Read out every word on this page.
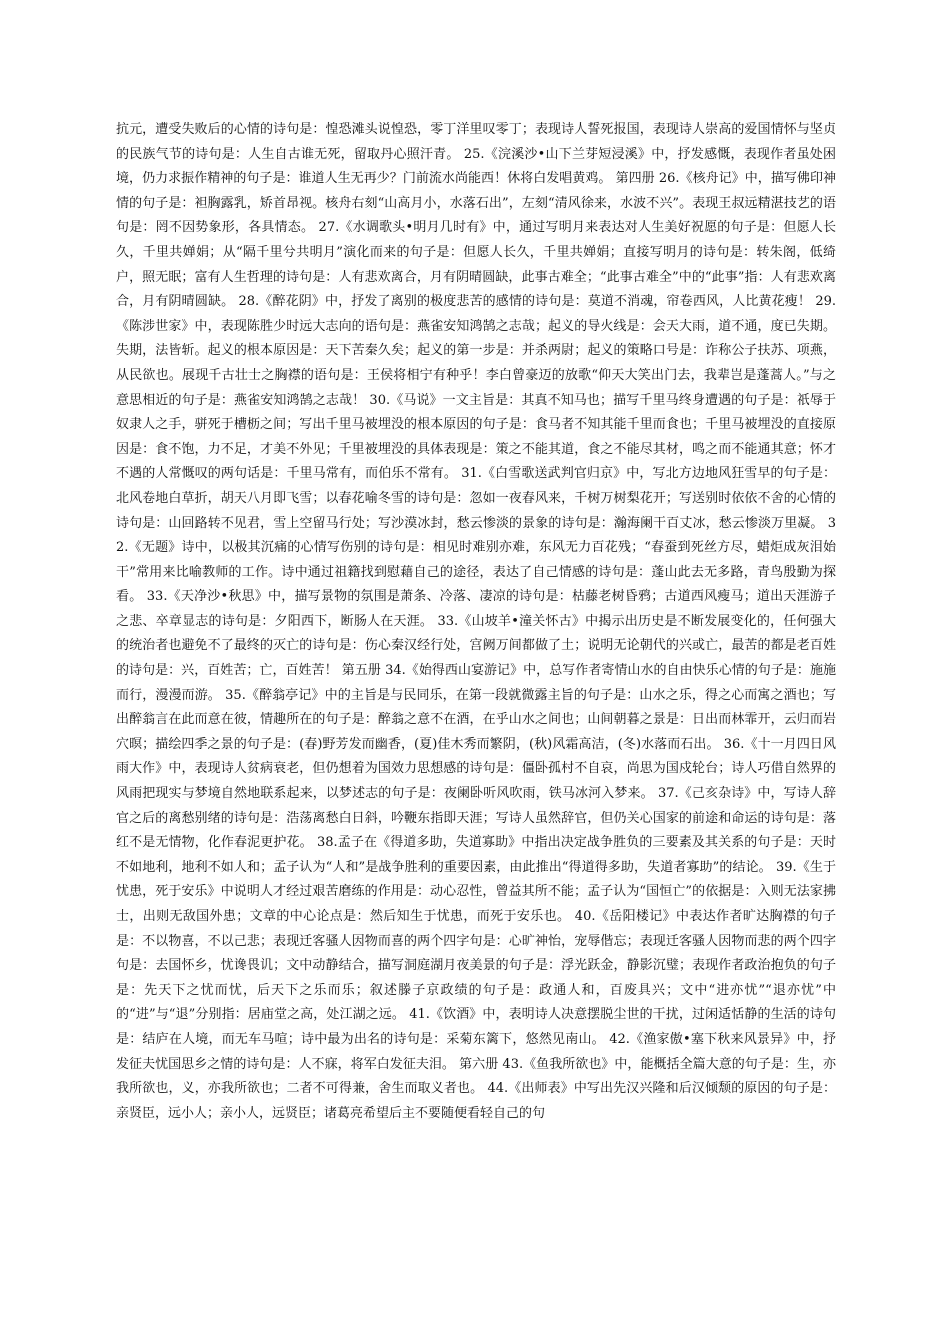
抗元，遭受失败后的心情的诗句是：惶恐滩头说惶恐，零丁洋里叹零丁；表现诗人誓死报国，表现诗人崇高的爱国情怀与坚贞的民族气节的诗句是：人生自古谁无死，留取丹心照汗青。 25.《浣溪沙•山下兰芽短浸溪》中，抒发感慨，表现作者虽处困境，仍力求振作精神的句子是：谁道人生无再少？门前流水尚能西！休将白发唱黄鸡。 第四册 26.《核舟记》中，描写佛印神情的句子是：袒胸露乳，矫首昂视。核舟右刻“山高月小，水落石出”，左刻“清风徐来，水波不兴”。表现王叔远精湛技艺的语句是：罔不因势象形，各具情态。 27.《水调歌头•明月几时有》中，通过写明月来表达对人生美好祝愿的句子是：但愿人长久，千里共婵娟；从“隔千里兮共明月”演化而来的句子是：但愿人长久，千里共婵娟；直接写明月的诗句是：转朱阁，低绮户，照无眠；富有人生哲理的诗句是：人有悲欢离合，月有阴晴圆缺，此事古难全；“此事古难全”中的“此事”指：人有悲欢离合，月有阴晴圆缺。 28.《醉花阴》中，抒发了离别的极度悲苦的感情的诗句是：莫道不消魂，帘卷西风，人比黄花瘦！ 29.《陈涉世家》中，表现陈胜少时远大志向的语句是：燕雀安知鸿鹄之志哉；起义的导火线是：会天大雨，道不通，度已失期。失期，法皆斩。起义的根本原因是：天下苦秦久矣；起义的第一步是：并杀两尉；起义的策略口号是：诈称公子扶苏、项燕，从民欲也。展现千古壮士之胸襟的语句是：王侯将相宁有种乎！李白曾豪迈的放歌“仰天大笑出门去，我辈岂是蓬蒿人。”与之意思相近的句子是：燕雀安知鸿鹄之志哉！ 30.《马说》一文主旨是：其真不知马也；描写千里马终身遭遇的句子是：祇辱于奴隶人之手，骈死于槽枥之间；写出千里马被埋没的根本原因的句子是：食马者不知其能千里而食也；千里马被埋没的直接原因是：食不饱，力不足，才美不外见；千里被埋没的具体表现是：策之不能其道，食之不能尽其材，鸣之而不能通其意；怀才不遇的人常慨叹的两句话是：千里马常有，而伯乐不常有。 31.《白雪歌送武判官归京》中，写北方边地风狂雪早的句子是：北风卷地白草折，胡天八月即飞雪；以春花喻冬雪的诗句是：忽如一夜春风来，千树万树梨花开；写送别时依依不舍的心情的诗句是：山回路转不见君，雪上空留马行处；写沙漠冰封，愁云惨淡的景象的诗句是：瀚海阑干百丈冰，愁云惨淡万里凝。 32.《无题》诗中，以极其沉痛的心情写伤别的诗句是：相见时难别亦难，东风无力百花残；“春蚕到死丝方尽，蜡炬成灰泪始干”常用来比喻教师的工作。诗中通过祖籍找到慰藉自己的途径，表达了自己情感的诗句是：蓬山此去无多路，青鸟殷勤为探看。 33.《天净沙•秋思》中，描写景物的氛围是萧条、冷落、凄凉的诗句是：枯藤老树昏鸦；古道西风瘦马；道出天涯游子之悲、卒章显志的诗句是：夕阳西下，断肠人在天涯。 33.《山坡羊•潼关怀古》中揭示出历史是不断发展变化的，任何强大的统治者也避免不了最终的灭亡的诗句是：伤心秦汉经行处，宫阙万间都做了土；说明无论朝代的兴或亡，最苦的都是老百姓的诗句是：兴，百姓苦；亡，百姓苦！ 第五册 34.《始得西山宴游记》中，总写作者寄情山水的自由快乐心情的句子是：施施而行，漫漫而游。 35.《醉翁亭记》中的主旨是与民同乐，在第一段就微露主旨的句子是：山水之乐，得之心而寓之酒也；写出醉翁言在此而意在彼，情趣所在的句子是：醉翁之意不在酒，在乎山水之间也；山间朝暮之景是：日出而林霏开，云归而岩穴暝；描绘四季之景的句子是：(春)野芳发而幽香，(夏)佳木秀而繁阴，(秋)风霜高洁，(冬)水落而石出。 36.《十一月四日风雨大作》中，表现诗人贫病衰老，但仍想着为国效力思想感的诗句是：僵卧孤村不自哀，尚思为国戍轮台；诗人巧借自然界的风雨把现实与梦境自然地联系起来，以梦述志的句子是：夜阑卧听风吹雨，铁马冰河入梦来。 37.《己亥杂诗》中，写诗人辞官之后的离愁别绪的诗句是：浩荡离愁白日斜，吟鞭东指即天涯；写诗人虽然辞官，但仍关心国家的前途和命运的诗句是：落红不是无情物，化作春泥更护花。 38.孟子在《得道多助，失道寡助》中指出决定战争胜负的三要素及其关系的句子是：天时不如地利，地利不如人和；孟子认为“人和”是战争胜利的重要因素，由此推出“得道得多助，失道者寡助”的结论。 39.《生于忧患，死于安乐》中说明人才经过艰苦磨练的作用是：动心忍性，曾益其所不能；孟子认为“国恒亡”的依据是：入则无法家拂士，出则无敌国外患；文章的中心论点是：然后知生于忧患，而死于安乐也。 40.《岳阳楼记》中表达作者旷达胸襟的句子是：不以物喜，不以己悲；表现迁客骚人因物而喜的两个四字句是：心旷神怡，宠辱偕忘；表现迁客骚人因物而悲的两个四字句是：去国怀乡，忧谗畏讥；文中动静结合，描写洞庭湖月夜美景的句子是：浮光跃金，静影沉璧；表现作者政治抱负的句子是：先天下之忧而忧，后天下之乐而乐；叙述滕子京政绩的句子是：政通人和，百废具兴；文中“进亦忧”“退亦忧”中的“进”与“退”分别指：居庙堂之高，处江湖之远。 41.《饮酒》中，表明诗人决意摆脱尘世的干扰，过闲适恬静的生活的诗句是：结庐在人境，而无车马喧；诗中最为出名的诗句是：采菊东篱下，悠然见南山。 42.《渔家傲•塞下秋来风景异》中，抒发征夫忧国思乡之情的诗句是：人不寐，将军白发征夫泪。 第六册 43.《鱼我所欲也》中，能概括全篇大意的句子是：生，亦我所欲也，义，亦我所欲也；二者不可得兼，舍生而取义者也。 44.《出师表》中写出先汉兴隆和后汉倾颓的原因的句子是：亲贤臣，远小人；亲小人，远贤臣；诸葛亮希望后主不要随便看轻自己的句
